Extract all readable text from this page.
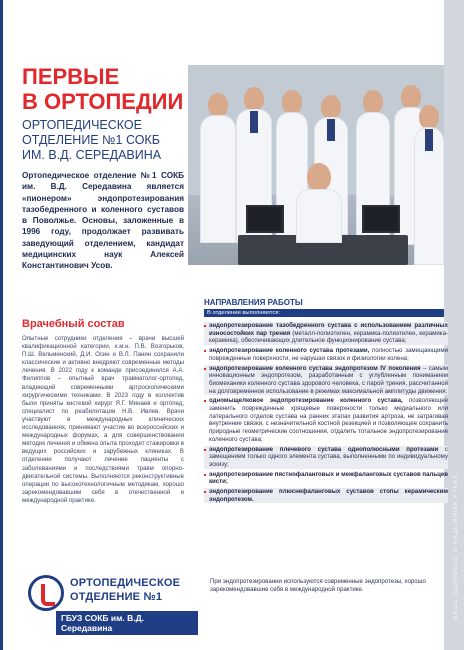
ВАШЕ ЗДОРОВЬЕ В НАДЕЖНЫХ РУКАХ
ПЕРВЫЕ
В ОРТОПЕДИИ
ОРТОПЕДИЧЕСКОЕ
ОТДЕЛЕНИЕ №1 СОКБ
ИМ. В.Д. СЕРЕДАВИНА

Ортопедическое отделение №1 СОКБ им. В.Д. Середавина является «пионером» эндопротезирования тазобедренного и коленного суставов в Поволжье. Основы, заложенные в 1996 году, продолжает развивать заведующий отделением, кандидат медицинских наук Алексей Константинович Усов.

Врачебный состав

Опытные сотрудники отделения – врачи высшей квалификационной категории, к.м.н. П.В. Возгорьков, П.Ш. Вельминский, Д.И. Осин и В.Л. Панин сохранили классические и активно внедряют современные методы лечения. В 2022 году к команде присоединился А.А. Филиппов – опытный врач травматолог-ортопед, владеющий современными артроскопическими хирургическими техниками. В 2023 году в коллектив были приняты кистевой хирург Я.Г. Минаев и ортопед, специалист по реабилитации Н.В. Ивлев. Врачи участвуют в международных клинических исследованиях, принимают участие во всероссийских и международных форумах, а для совершенствования методик лечения и обмена опыта проходят стажировки в ведущих российских и зарубежных клиниках. В отделении получают лечение пациенты с заболеваниями и последствиями травм опорно-двигательной системы. Выполняются реконструктивные операции по высокотехнологичным методикам, хорошо зарекомендовавшим себя в отечественной и международной практике.

НАПРАВЛЕНИЯ РАБОТЫ
В отделении выполняются:
эндопротезирование тазобедренного сустава с использованием различных износостойких пар трения (металл-полиэтилен, керамика-полиэтилен, керамика-керамика), обеспечивающих длительное функционирование сустава;
эндопротезирование коленного сустава протезами, полностью замещающими поврежденные поверхности, не нарушая связок и физиологии колена;
эндопротезирование коленного сустава эндопротезом IV поколения – самым инновационным эндопротезом, разработанным с углубленным пониманием биомеханики коленного сустава здорового человека, с парой трения, рассчитанной на долговременное использование в режимах максимальной амплитуды движения;
одномыщелковое эндопротезирование коленного сустава, позволяющее заменить поврежденные хрящевые поверхности только медиального или латерального отделов сустава на ранних этапах развития артроза, не затрагивая внутренние связки, с незначительной костной резекцией и позволяющее сохранить природные геометрические соотношения, отдалить тотальное эндопротезирование коленного сустава;
эндопротезирование плечевого сустава однополюсными протезами с замещением только одного элемента сустава, выполненными по индивидуальному эскизу;
эндопротезирование пястнофаланговых и межфаланговых суставов пальцев кисти;
эндопротезирование плюснефаланговых суставов стопы керамическим эндопротезом.

При эндопротезировании используются современные эндопротезы, хорошо зарекомендовавшие себя в международной практике.

ОРТОПЕДИЧЕСКОЕ
ОТДЕЛЕНИЕ №1
ГБУЗ СОКБ им. В.Д. Середавина
